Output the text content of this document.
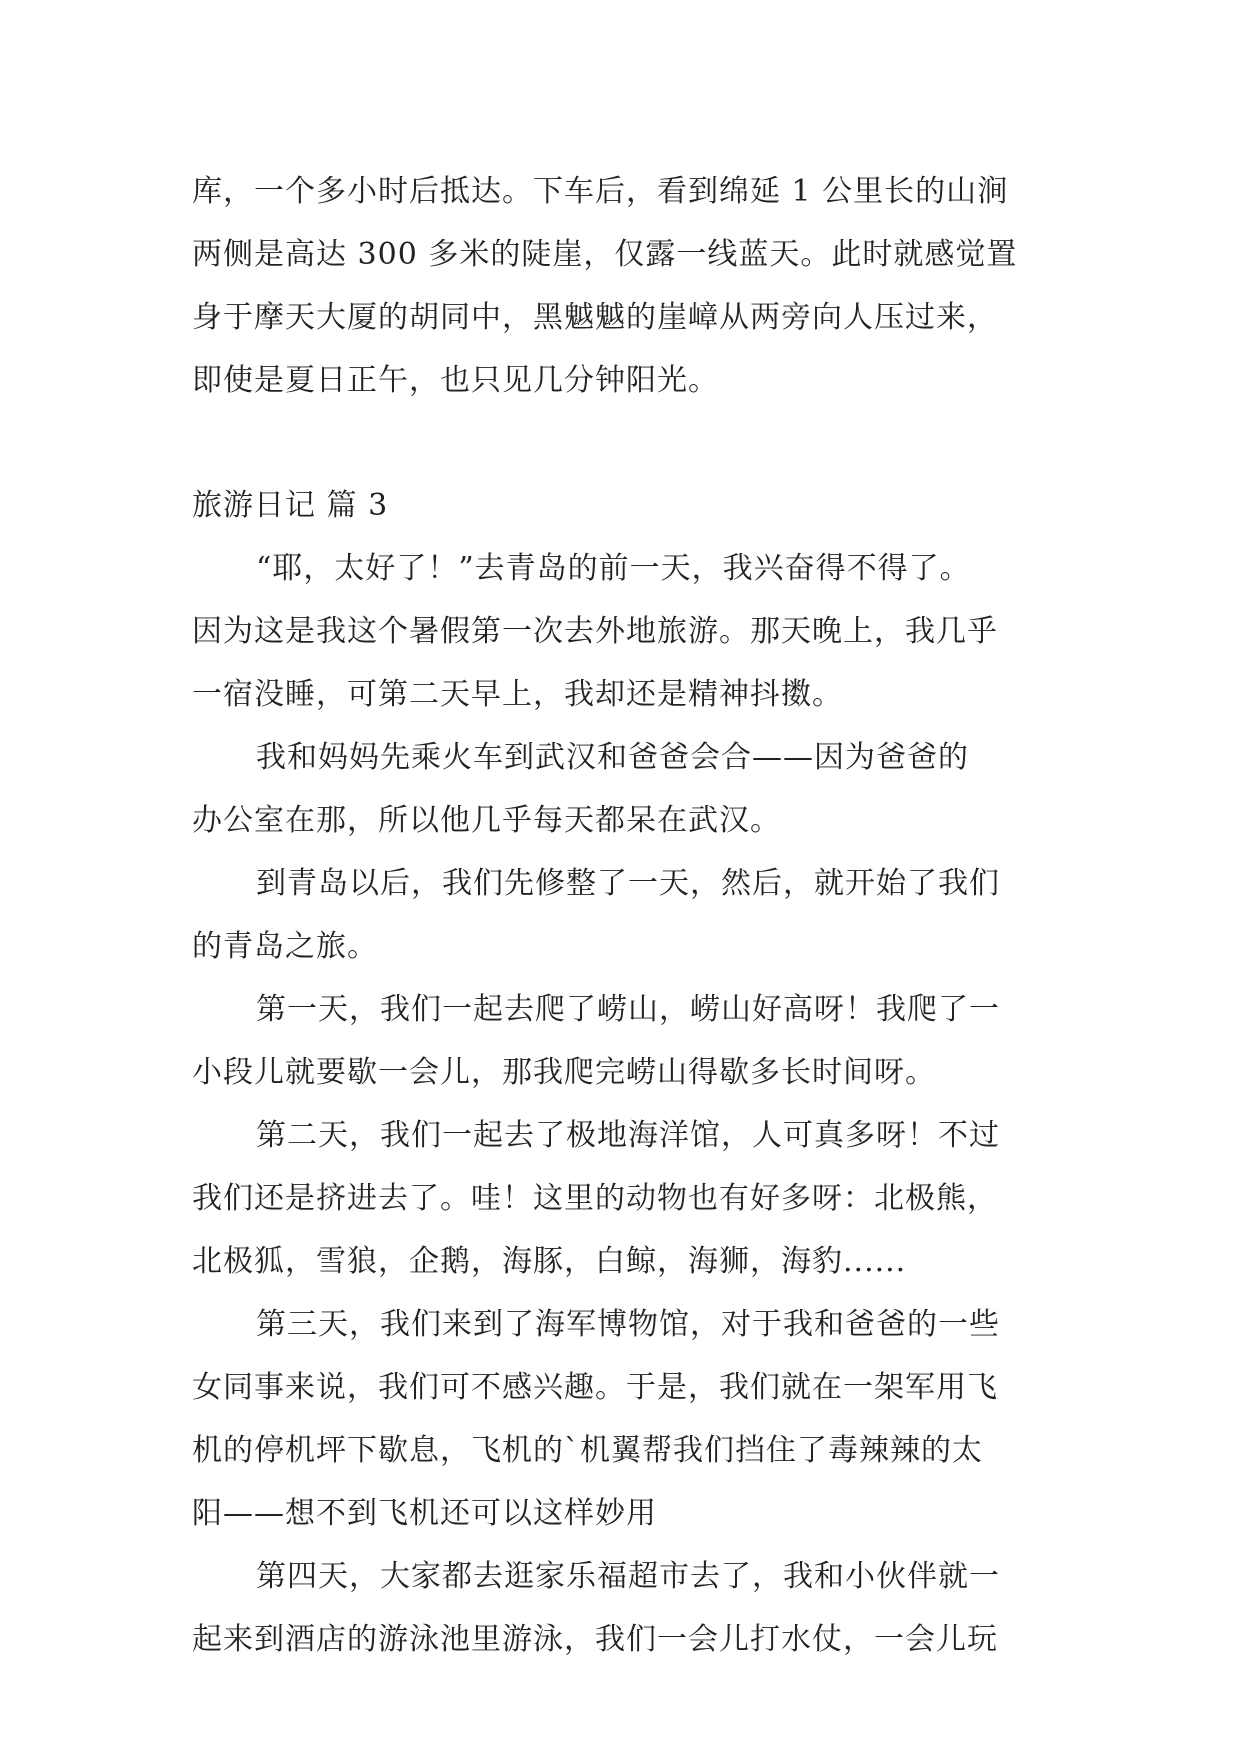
库，一个多小时后抵达。下车后，看到绵延 1 公里长的山涧
两侧是高达 300 多米的陡崖，仅露一线蓝天。此时就感觉置
身于摩天大厦的胡同中，黑魆魆的崖嶂从两旁向人压过来，
即使是夏日正午，也只见几分钟阳光。
旅游日记 篇 3
“耶，太好了！”去青岛的前一天，我兴奋得不得了。
因为这是我这个暑假第一次去外地旅游。那天晚上，我几乎
一宿没睡，可第二天早上，我却还是精神抖擞。
我和妈妈先乘火车到武汉和爸爸会合——因为爸爸的
办公室在那，所以他几乎每天都呆在武汉。
到青岛以后，我们先修整了一天，然后，就开始了我们
的青岛之旅。
第一天，我们一起去爬了崂山，崂山好高呀！我爬了一
小段儿就要歇一会儿，那我爬完崂山得歇多长时间呀。
第二天，我们一起去了极地海洋馆，人可真多呀！不过
我们还是挤进去了。哇！这里的动物也有好多呀：北极熊，
北极狐，雪狼，企鹅，海豚，白鲸，海狮，海豹......
第三天，我们来到了海军博物馆，对于我和爸爸的一些
女同事来说，我们可不感兴趣。于是，我们就在一架军用飞
机的停机坪下歇息，飞机的`机翼帮我们挡住了毒辣辣的太
阳——想不到飞机还可以这样妙用
第四天，大家都去逛家乐福超市去了，我和小伙伴就一
起来到酒店的游泳池里游泳，我们一会儿打水仗，一会儿玩
